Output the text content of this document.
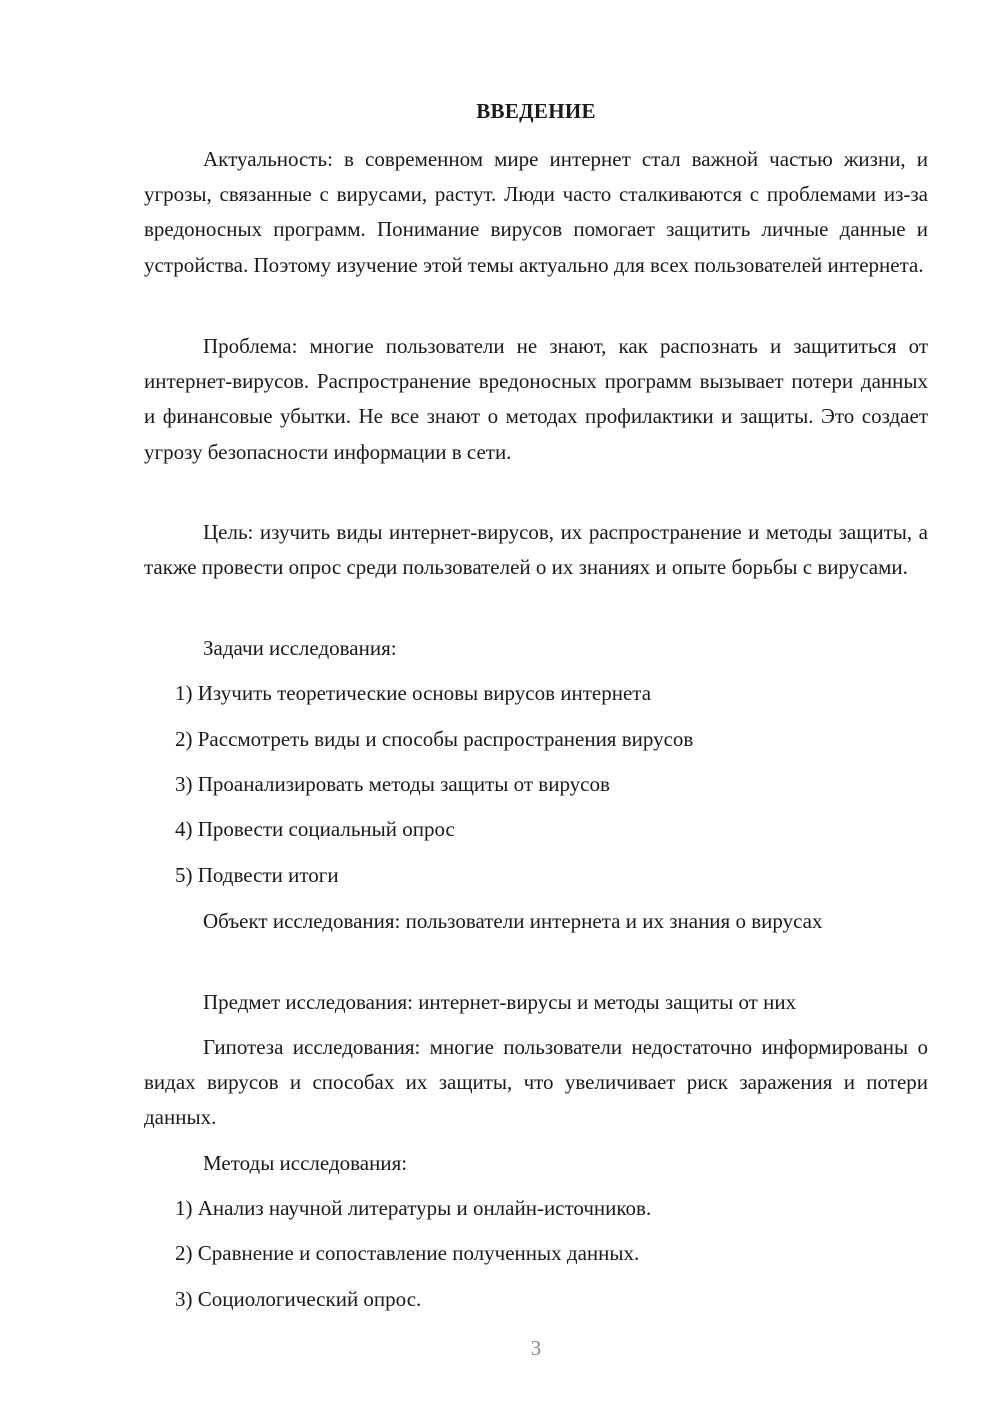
ВВЕДЕНИЕ

Актуальность: в современном мире интернет стал важной частью жизни, и угрозы, связанные с вирусами, растут. Люди часто сталкиваются с проблемами из-за вредоносных программ. Понимание вирусов помогает защитить личные данные и устройства. Поэтому изучение этой темы актуально для всех пользователей интернета.

Проблема: многие пользователи не знают, как распознать и защититься от интернет-вирусов. Распространение вредоносных программ вызывает потери данных и финансовые убытки. Не все знают о методах профилактики и защиты. Это создает угрозу безопасности информации в сети.

Цель: изучить виды интернет-вирусов, их распространение и методы защиты, а также провести опрос среди пользователей о их знаниях и опыте борьбы с вирусами.

Задачи исследования:

1) Изучить теоретические основы вирусов интернета

2) Рассмотреть виды и способы распространения вирусов

3) Проанализировать методы защиты от вирусов

4) Провести социальный опрос

5) Подвести итоги

Объект исследования: пользователи интернета и их знания о вирусах

Предмет исследования: интернет-вирусы и методы защиты от них

Гипотеза исследования: многие пользователи недостаточно информированы о видах вирусов и способах их защиты, что увеличивает риск заражения и потери данных.

Методы исследования:

1) Анализ научной литературы и онлайн-источников.

2) Сравнение и сопоставление полученных данных.

3) Социологический опрос.

3
